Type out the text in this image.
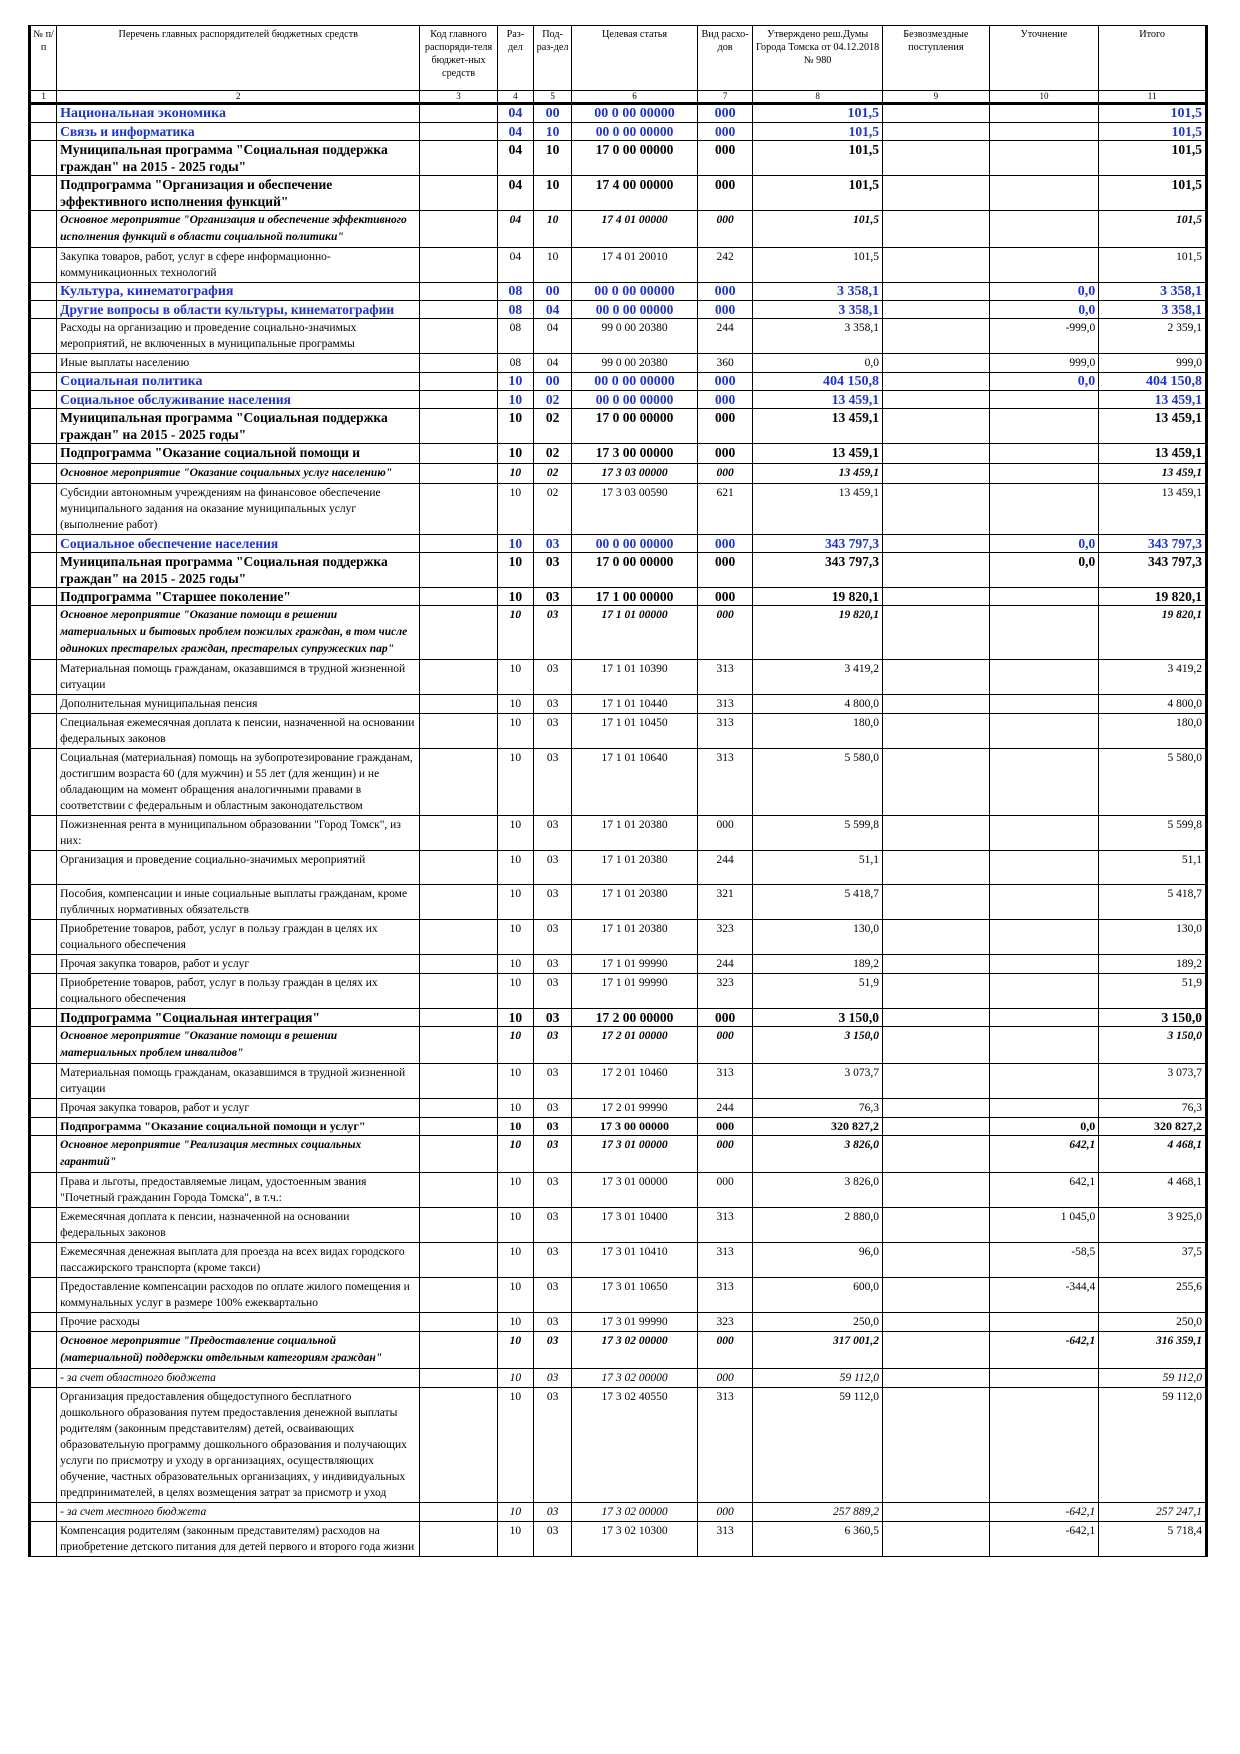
№ п/п	Перечень главных распорядителей бюджетных средств	Код главного распоряди-теля бюджет-ных средств	Раз-дел	Под-раз-дел	Целевая статья	Вид расхо-дов	Утверждено реш.Думы Города Томска от 04.12.2018 № 980	Безвозмездные поступления	Уточнение	Итого
1	2	3	4	5	6	7	8	9	10	11
	Национальная экономика		04	00	00 0 00 00000	000	101,5			101,5
	Связь и информатика		04	10	00 0 00 00000	000	101,5			101,5
	Муниципальная программа "Социальная поддержка граждан" на 2015 - 2025 годы"		04	10	17 0 00 00000	000	101,5			101,5
	Подпрограмма "Организация и обеспечение эффективного исполнения функций"		04	10	17 4 00 00000	000	101,5			101,5
	Основное мероприятие "Организация и обеспечение эффективного исполнения функций в области социальной политики"		04	10	17 4 01 00000	000	101,5			101,5
	Закупка товаров, работ, услуг в сфере информационно-коммуникационных технологий		04	10	17 4 01 20010	242	101,5			101,5
	Культура, кинематография		08	00	00 0 00 00000	000	3 358,1		0,0	3 358,1
	Другие вопросы в области культуры, кинематографии		08	04	00 0 00 00000	000	3 358,1		0,0	3 358,1
	Расходы на организацию и проведение социально-значимых мероприятий, не включенных в муниципальные программы		08	04	99 0 00 20380	244	3 358,1		-999,0	2 359,1
	Иные выплаты населению		08	04	99 0 00 20380	360	0,0		999,0	999,0
	Социальная политика		10	00	00 0 00 00000	000	404 150,8		0,0	404 150,8
	Социальное обслуживание населения		10	02	00 0 00 00000	000	13 459,1			13 459,1
	Муниципальная программа "Социальная поддержка граждан" на 2015 - 2025 годы"		10	02	17 0 00 00000	000	13 459,1			13 459,1
	Подпрограмма "Оказание социальной помощи и		10	02	17 3 00 00000	000	13 459,1			13 459,1
	Основное мероприятие "Оказание социальных услуг населению"		10	02	17 3 03 00000	000	13 459,1			13 459,1
	Субсидии автономным учреждениям на финансовое обеспечение муниципального задания на оказание муниципальных услуг (выполнение работ)		10	02	17 3 03 00590	621	13 459,1			13 459,1
	Социальное обеспечение населения		10	03	00 0 00 00000	000	343 797,3		0,0	343 797,3
	Муниципальная программа "Социальная поддержка граждан" на 2015 - 2025 годы"		10	03	17 0 00 00000	000	343 797,3		0,0	343 797,3
	Подпрограмма "Старшее поколение"		10	03	17 1 00 00000	000	19 820,1			19 820,1
	Основное мероприятие "Оказание помощи в решении материальных и бытовых проблем пожилых граждан, в том числе одиноких престарелых граждан, престарелых супружеских пар"		10	03	17 1 01 00000	000	19 820,1			19 820,1
	Материальная помощь гражданам, оказавшимся в трудной жизненной ситуации		10	03	17 1 01 10390	313	3 419,2			3 419,2
	Дополнительная муниципальная пенсия		10	03	17 1 01 10440	313	4 800,0			4 800,0
	Специальная ежемесячная доплата к пенсии, назначенной на основании федеральных законов		10	03	17 1 01 10450	313	180,0			180,0
	Социальная (материальная) помощь на зубопротезирование гражданам, достигшим возраста 60 (для мужчин) и 55 лет (для женщин) и не обладающим на момент обращения аналогичными правами в соответствии с федеральным и областным законодательством		10	03	17 1 01 10640	313	5 580,0			5 580,0
	Пожизненная рента в муниципальном образовании "Город Томск", из них:		10	03	17 1 01 20380	000	5 599,8			5 599,8
	Организация и проведение социально-значимых мероприятий		10	03	17 1 01 20380	244	51,1			51,1
	Пособия, компенсации и иные социальные выплаты гражданам, кроме публичных нормативных обязательств		10	03	17 1 01 20380	321	5 418,7			5 418,7
	Приобретение товаров, работ, услуг в пользу граждан в целях их социального обеспечения		10	03	17 1 01 20380	323	130,0			130,0
	Прочая закупка товаров, работ и услуг		10	03	17 1 01 99990	244	189,2			189,2
	Приобретение товаров, работ, услуг в пользу граждан в целях их социального обеспечения		10	03	17 1 01 99990	323	51,9			51,9
	Подпрограмма "Социальная интеграция"		10	03	17 2 00 00000	000	3 150,0			3 150,0
	Основное мероприятие "Оказание помощи в решении материальных проблем инвалидов"		10	03	17 2 01 00000	000	3 150,0			3 150,0
	Материальная помощь гражданам, оказавшимся в трудной жизненной ситуации		10	03	17 2 01 10460	313	3 073,7			3 073,7
	Прочая закупка товаров, работ и услуг		10	03	17 2 01 99990	244	76,3			76,3
	Подпрограмма "Оказание социальной помощи и услуг"		10	03	17 3 00 00000	000	320 827,2		0,0	320 827,2
	Основное мероприятие "Реализация местных социальных гарантий"		10	03	17 3 01 00000	000	3 826,0		642,1	4 468,1
	Права и льготы, предоставляемые лицам, удостоенным звания "Почетный гражданин Города Томска", в т.ч.:		10	03	17 3 01 00000	000	3 826,0		642,1	4 468,1
	Ежемесячная доплата к пенсии, назначенной на основании федеральных законов		10	03	17 3 01 10400	313	2 880,0		1 045,0	3 925,0
	Ежемесячная денежная выплата для проезда на всех видах городского пассажирского транспорта (кроме такси)		10	03	17 3 01 10410	313	96,0		-58,5	37,5
	Предоставление компенсации расходов по оплате жилого помещения и коммунальных услуг в размере 100% ежеквартально		10	03	17 3 01 10650	313	600,0		-344,4	255,6
	Прочие расходы		10	03	17 3 01 99990	323	250,0			250,0
	Основное мероприятие "Предоставление социальной (материальной) поддержки отдельным категориям граждан"		10	03	17 3 02 00000	000	317 001,2		-642,1	316 359,1
	- за счет областного бюджета		10	03	17 3 02 00000	000	59 112,0			59 112,0
	Организация предоставления общедоступного бесплатного дошкольного образования путем предоставления денежной выплаты родителям (законным представителям) детей, осваивающих образовательную программу дошкольного образования и получающих услуги по присмотру и уходу в организациях, осуществляющих обучение, частных образовательных организациях, у индивидуальных предпринимателей, в целях возмещения затрат за присмотр и уход		10	03	17 3 02 40550	313	59 112,0			59 112,0
	- за счет местного бюджета		10	03	17 3 02 00000	000	257 889,2		-642,1	257 247,1
	Компенсация родителям (законным представителям) расходов на приобретение детского питания для детей первого и второго года жизни		10	03	17 3 02 10300	313	6 360,5		-642,1	5 718,4
